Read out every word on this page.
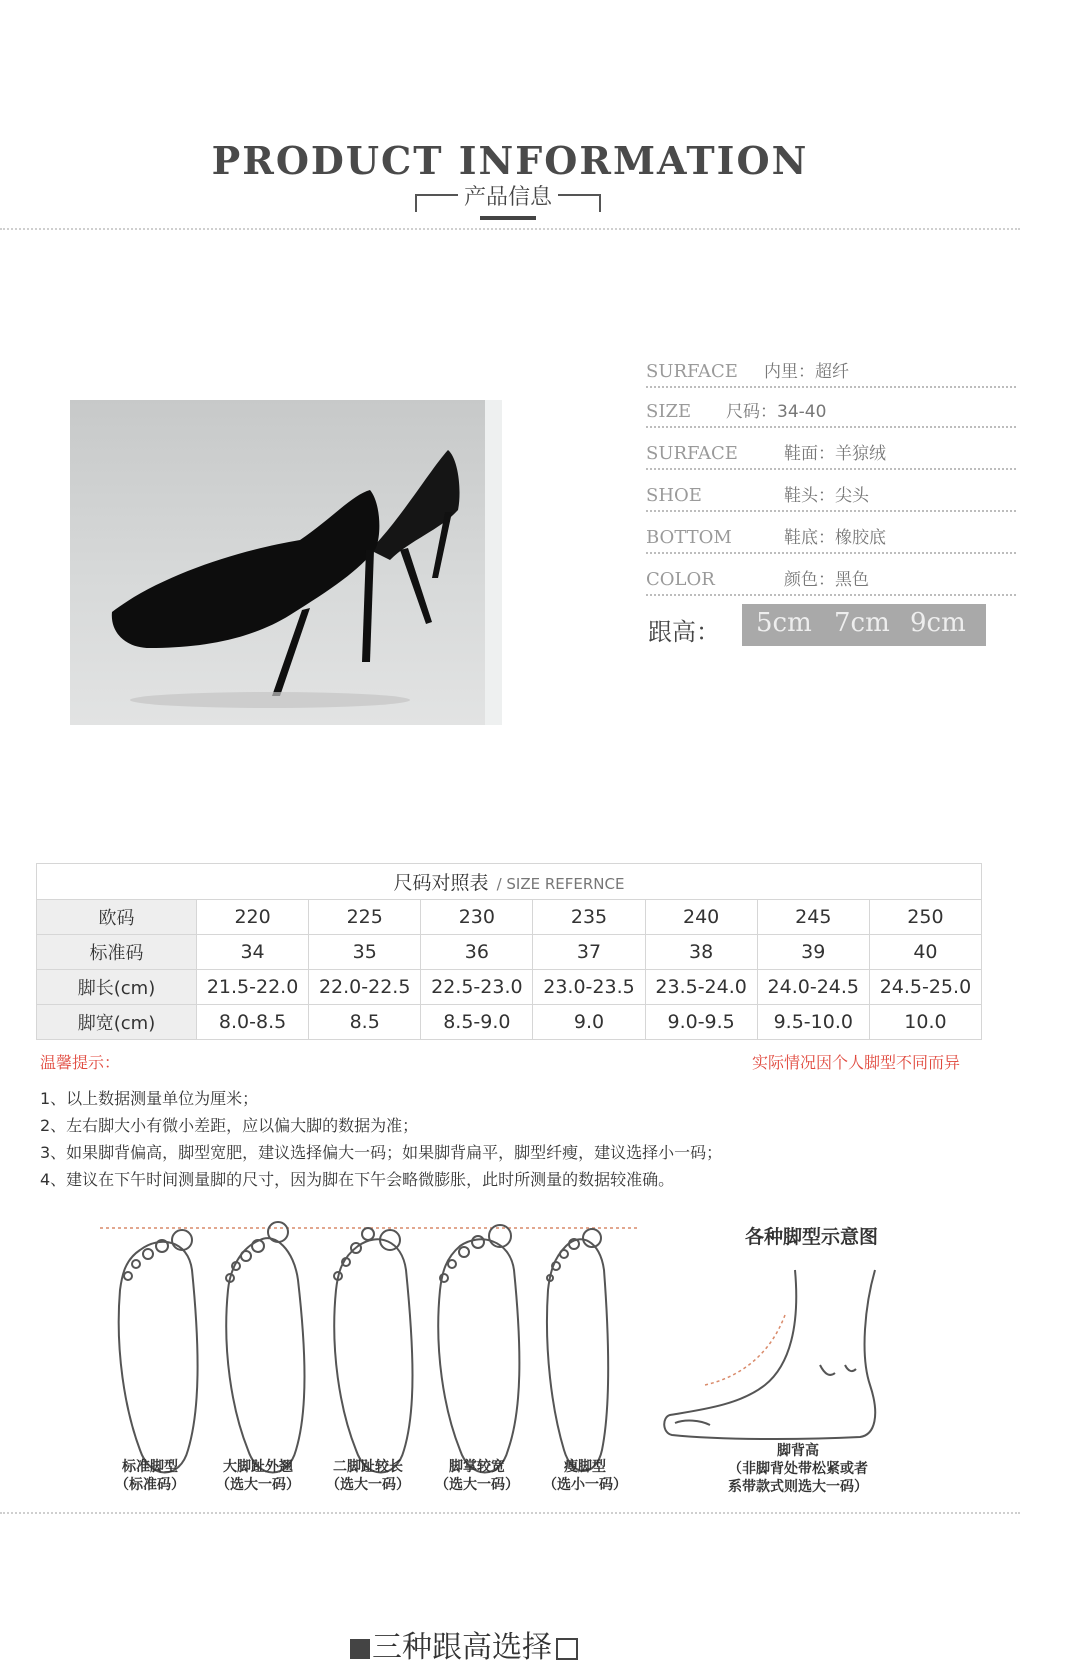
PRODUCT INFORMATION
产品信息
SURFACE 内里：超纤
SIZE 尺码：34-40
SURFACE	鞋面：羊猄绒
SHOE	鞋头：尖头
BOTTOM	鞋底：橡胶底
COLOR	颜色：黑色
跟高： 5cm 7cm 9cm
尺码对照表 / SIZE REFERNCE							
欧码	220	225	230	235	240	245	250
标准码	34	35	36	37	38	39	40
脚长(cm)	21.5-22.0	22.0-22.5	22.5-23.0	23.0-23.5	23.5-24.0	24.0-24.5	24.5-25.0
脚宽(cm)	8.0-8.5	8.5	8.5-9.0	9.0	9.0-9.5	9.5-10.0	10.0
温馨提示：	实际情况因个人脚型不同而异
1、以上数据测量单位为厘米；
2、左右脚大小有微小差距，应以偏大脚的数据为准；
3、如果脚背偏高，脚型宽肥，建议选择偏大一码；如果脚背扁平，脚型纤瘦，建议选择小一码；
4、建议在下午时间测量脚的尺寸，因为脚在下午会略微膨胀，此时所测量的数据较准确。
标准脚型
（标准码）
大脚趾外翘
（选大一码）
二脚趾较长
（选大一码）
脚掌较宽
（选大一码）
瘦脚型
（选小一码）
各种脚型示意图
脚背高
（非脚背处带松紧或者
系带款式则选大一码）
三种跟高选择
